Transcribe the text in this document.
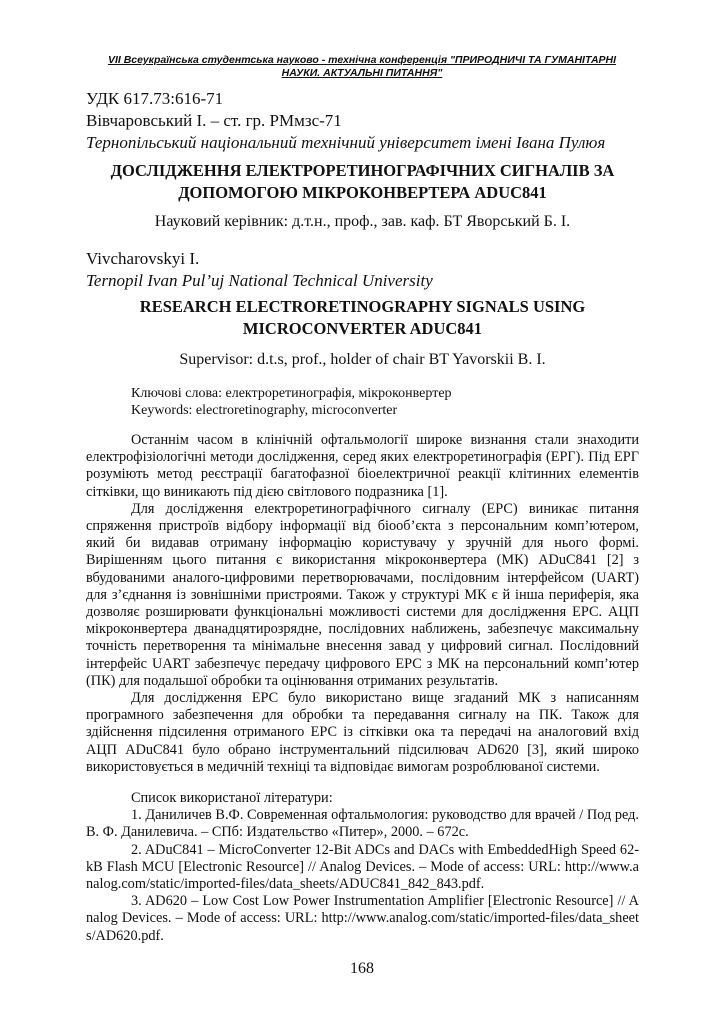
VII Всеукраїнська студентська науково - технічна конференція "ПРИРОДНИЧІ ТА ГУМАНІТАРНІ НАУКИ. АКТУАЛЬНІ ПИТАННЯ"
УДК 617.73:616-71
Вівчаровський І. – ст. гр. РМмзс-71
Тернопільський національний технічний університет імені Івана Пулюя
ДОСЛІДЖЕННЯ ЕЛЕКТРОРЕТИНОГРАФІЧНИХ СИГНАЛІВ ЗА ДОПОМОГОЮ МІКРОКОНВЕРТЕРА ADUC841
Науковий керівник: д.т.н., проф., зав. каф. БТ Яворський Б. І.
Vivcharovskyi I.
Ternopil Ivan Pul’uj National Technical University
RESEARCH ELECTRORETINOGRAPHY SIGNALS USING MICROCONVERTER ADUC841
Supervisor: d.t.s, prof., holder of chair BT Yavorskii B. I.
Ключові слова: електроретинографія, мікроконвертер
Keywords: electroretinography, microconverter

Останнім часом в клінічній офтальмології широке визнання стали знаходити електрофізіологічні методи дослідження, серед яких електроретинографія (ЕРГ). Під ЕРГ розуміють метод реєстрації багатофазної біоелектричної реакції клітинних елементів сітківки, що виникають під дією світлового подразника [1].

Для дослідження електроретинографічного сигналу (ЕРС) виникає питання спряження пристроїв відбору інформації від біооб’єкта з персональним комп’ютером, який би видавав отриману інформацію користувачу у зручній для нього формі. Вирішенням цього питання є використання мікроконвертера (МК) ADuC841 [2] з вбудованими аналого-цифровими перетворювачами, послідовним інтерфейсом (UART) для з’єднання із зовнішніми пристроями. Також у структурі МК є й інша периферія, яка дозволяє розширювати функціональні можливості системи для дослідження ЕРС. АЦП мікроконвертера дванадцятирозрядне, послідовних наближень, забезпечує максимальну точність перетворення та мінімальне внесення завад у цифровий сигнал. Послідовний інтерфейс UART забезпечує передачу цифрового ЕРС з МК на персональний комп’ютер (ПК) для подальшої обробки та оцінювання отриманих результатів.

Для дослідження ЕРС було використано вище згаданий МК з написанням програмного забезпечення для обробки та передавання сигналу на ПК. Також для здійснення підсилення отриманого ЕРС із сітківки ока та передачі на аналоговий вхід АЦП ADuC841 було обрано інструментальний підсилювач AD620 [3], який широко використовується в медичній техніці та відповідає вимогам розроблюваної системи.

Список використаної літератури:

1. Даниличев В.Ф. Современная офтальмология: руководство для врачей / Под ред. В. Ф. Данилевича. – СПб: Издательство «Питер», 2000. – 672с.

2. ADuC841 – MicroConverter 12-Bit ADCs and DACs with EmbeddedHigh Speed 62-kB Flash MCU [Electronic Resource] // Analog Devices. – Mode of access: URL: http://www.analog.com/static/imported-files/data_sheets/ADUC841_842_843.pdf.

3. AD620 – Low Cost Low Power Instrumentation Amplifier [Electronic Resource] // Analog Devices. – Mode of access: URL: http://www.analog.com/static/imported-files/data_sheets/AD620.pdf.

168
